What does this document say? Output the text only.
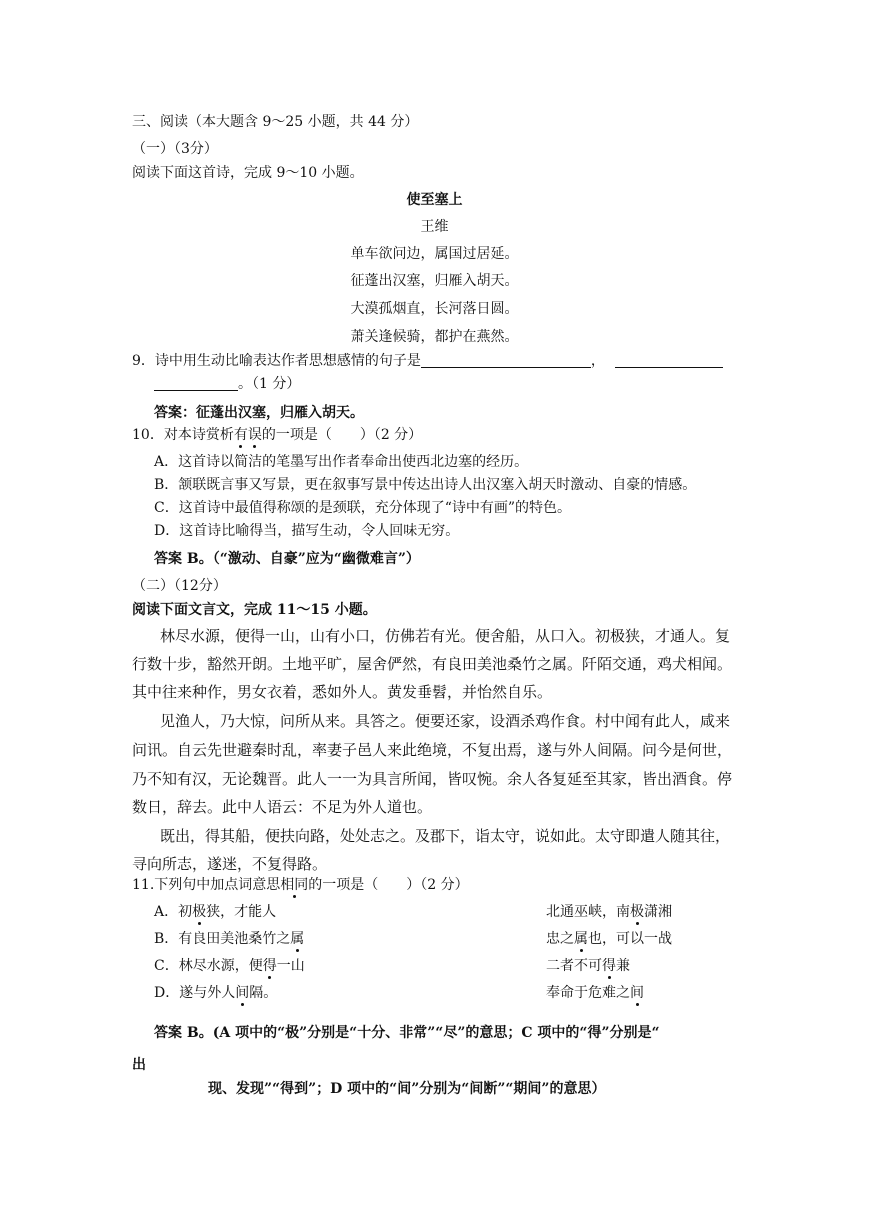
三、阅读（本大题含 9～25 小题，共 44 分）
（一）（3分）
阅读下面这首诗，完成 9～10 小题。
使至塞上
王维
单车欲问边，属国过居延。
征蓬出汉塞，归雁入胡天。
大漠孤烟直，长河落日圆。
萧关逢候骑，都护在燕然。
9．诗中用生动比喻表达作者思想感情的句子是	，
。（1 分）
答案：征蓬出汉塞，归雁入胡天。
10．对本诗赏析有误的一项是（　　）（2 分）
A．这首诗以简洁的笔墨写出作者奉命出使西北边塞的经历。
B．颔联既言事又写景，更在叙事写景中传达出诗人出汉塞入胡天时激动、自豪的情感。
C．这首诗中最值得称颂的是颈联，充分体现了“诗中有画”的特色。
D．这首诗比喻得当，描写生动，令人回味无穷。
答案 B。（“激动、自豪”应为“幽微难言”）
（二）（12分）
阅读下面文言文，完成 11～15 小题。
林尽水源，便得一山，山有小口，仿佛若有光。便舍船，从口入。初极狭，才通人。复
行数十步，豁然开朗。土地平旷，屋舍俨然，有良田美池桑竹之属。阡陌交通，鸡犬相闻。
其中往来种作，男女衣着，悉如外人。黄发垂髫，并怡然自乐。
见渔人，乃大惊，问所从来。具答之。便要还家，设酒杀鸡作食。村中闻有此人，咸来
问讯。自云先世避秦时乱，率妻子邑人来此绝境，不复出焉，遂与外人间隔。问今是何世，
乃不知有汉，无论魏晋。此人一一为具言所闻，皆叹惋。余人各复延至其家，皆出酒食。停
数日，辞去。此中人语云：不足为外人道也。
既出，得其船，便扶向路，处处志之。及郡下，诣太守，说如此。太守即遣人随其往，
寻向所志，遂迷，不复得路。
11.下列句中加点词意思相同的一项是（　　）（2 分）
A．初极狭，才能人	北通巫峡，南极潇湘
B．有良田美池桑竹之属	忠之属也，可以一战
C．林尽水源，便得一山	二者不可得兼
D．遂与外人间隔。	奉命于危难之间
答案 B。(A 项中的“极”分别是“十分、非常”“尽”的意思；C 项中的“得”分别是“
出
现、发现”“得到”；D 项中的“间”分别为“间断”“期间”的意思）
